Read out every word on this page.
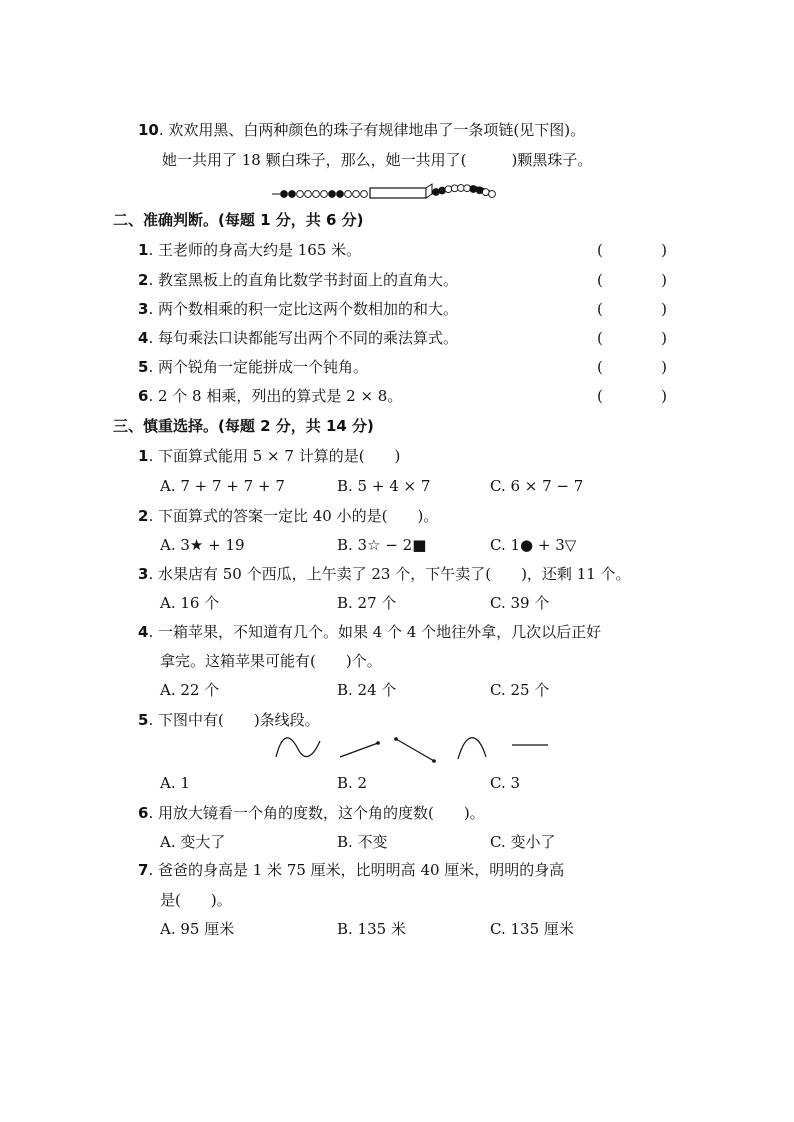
10. 欢欢用黑、白两种颜色的珠子有规律地串了一条项链(见下图)。
她一共用了 18 颗白珠子，那么，她一共用了(　　　)颗黑珠子。
二、准确判断。(每题 1 分，共 6 分)
1. 王老师的身高大约是 165 米。	(	)
2. 教室黑板上的直角比数学书封面上的直角大。	(	)
3. 两个数相乘的积一定比这两个数相加的和大。	(	)
4. 每句乘法口诀都能写出两个不同的乘法算式。	(	)
5. 两个锐角一定能拼成一个钝角。	(	)
6. 2 个 8 相乘，列出的算式是 2 × 8。	(	)
三、慎重选择。(每题 2 分，共 14 分)
1. 下面算式能用 5 × 7 计算的是(　　)
A. 7 + 7 + 7 + 7	B. 5 + 4 × 7	C. 6 × 7 − 7
2. 下面算式的答案一定比 40 小的是(　　)。
A. 3★ + 19	B. 3☆ − 2■	C. 1● + 3▽
3. 水果店有 50 个西瓜，上午卖了 23 个，下午卖了(　　)，还剩 11 个。
A. 16 个	B. 27 个	C. 39 个
4. 一箱苹果，不知道有几个。如果 4 个 4 个地往外拿，几次以后正好
拿完。这箱苹果可能有(　　)个。
A. 22 个	B. 24 个	C. 25 个
5. 下图中有(　　)条线段。
A. 1	B. 2	C. 3
6. 用放大镜看一个角的度数，这个角的度数(　　)。
A. 变大了	B. 不变	C. 变小了
7. 爸爸的身高是 1 米 75 厘米，比明明高 40 厘米，明明的身高
是(　　)。
A. 95 厘米	B. 135 米	C. 135 厘米
